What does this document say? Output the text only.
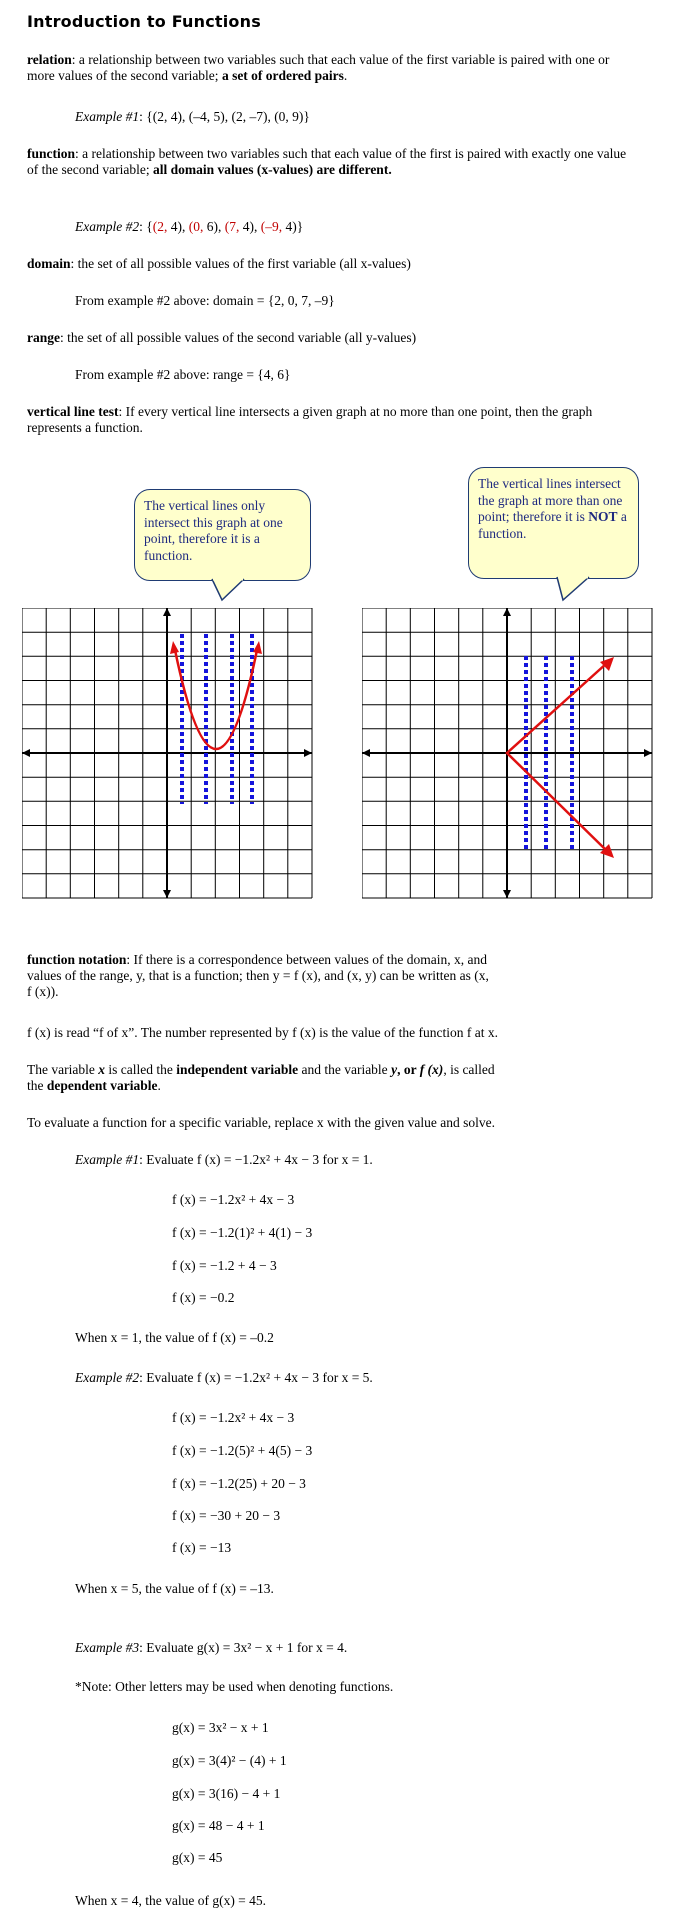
Introduction to Functions
relation: a relationship between two variables such that each value of the first variable is paired with one or more values of the second variable; a set of ordered pairs.
Example #1: {(2, 4), (–4, 5), (2, –7), (0, 9)}
function: a relationship between two variables such that each value of the first is paired with exactly one value of the second variable; all domain values (x-values) are different.
Example #2: {(2, 4), (0, 6), (7, 4), (–9, 4)}
domain: the set of all possible values of the first variable (all x-values)
From example #2 above: domain = {2, 0, 7, –9}
range: the set of all possible values of the second variable (all y-values)
From example #2 above: range = {4, 6}
vertical line test: If every vertical line intersects a given graph at no more than one point, then the graph represents a function.
The vertical lines only intersect this graph at one point, therefore it is a function.
The vertical lines intersect the graph at more than one point; therefore it is NOT a function.
function notation: If there is a correspondence between values of the domain, x, and
values of the range, y, that is a function; then y = f (x), and (x, y) can be written as (x,
f (x)).
f (x) is read “f of x”. The number represented by f (x) is the value of the function f at x.
The variable x is called the independent variable and the variable y, or f (x), is called
the dependent variable.
To evaluate a function for a specific variable, replace x with the given value and solve.
Example #1: Evaluate f (x) = −1.2x² + 4x − 3 for x = 1.
f (x) = −1.2x² + 4x − 3
f (x) = −1.2(1)² + 4(1) − 3
f (x) = −1.2 + 4 − 3
f (x) = −0.2
When x = 1, the value of f (x) = –0.2
Example #2: Evaluate f (x) = −1.2x² + 4x − 3 for x = 5.
f (x) = −1.2x² + 4x − 3
f (x) = −1.2(5)² + 4(5) − 3
f (x) = −1.2(25) + 20 − 3
f (x) = −30 + 20 − 3
f (x) = −13
When x = 5, the value of f (x) = –13.
Example #3: Evaluate g(x) = 3x² − x + 1 for x = 4.
*Note: Other letters may be used when denoting functions.
g(x) = 3x² − x + 1
g(x) = 3(4)² − (4) + 1
g(x) = 3(16) − 4 + 1
g(x) = 48 − 4 + 1
g(x) = 45
When x = 4, the value of g(x) = 45.
